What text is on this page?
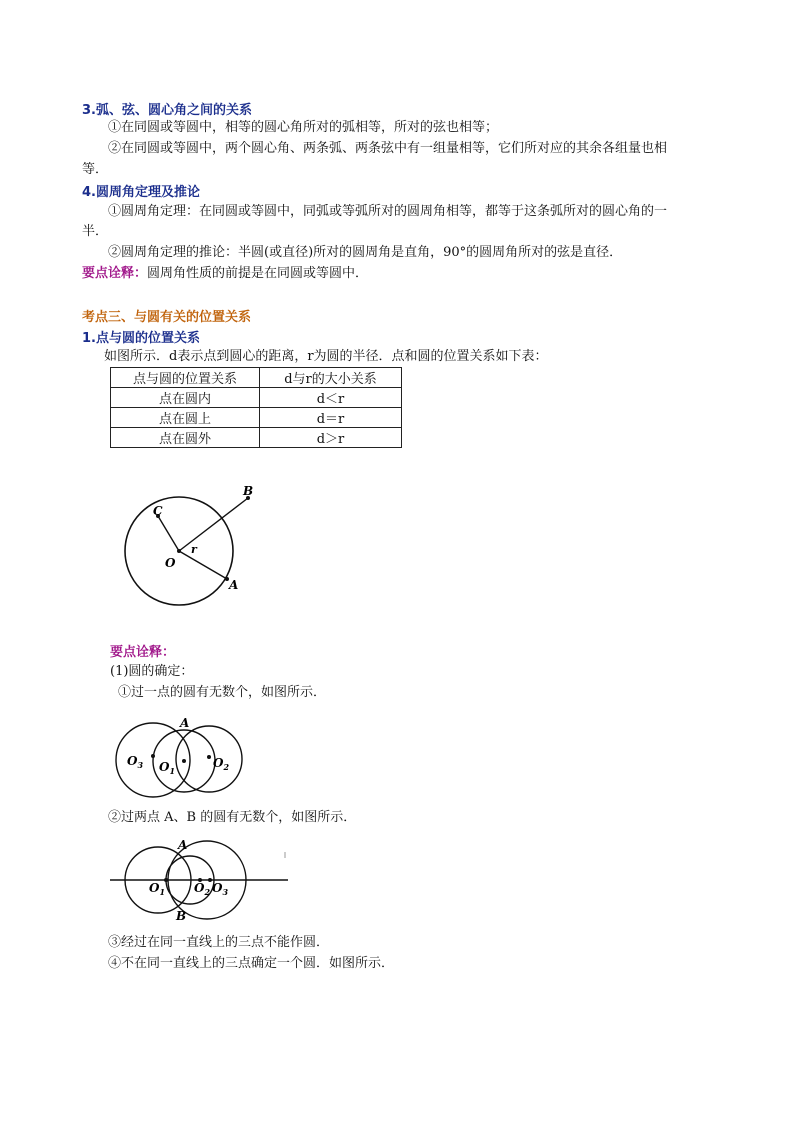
3.弧、弦、圆心角之间的关系
①在同圆或等圆中，相等的圆心角所对的弧相等，所对的弦也相等；
②在同圆或等圆中，两个圆心角、两条弧、两条弦中有一组量相等，它们所对应的其余各组量也相
等．
4.圆周角定理及推论
①圆周角定理：在同圆或等圆中，同弧或等弧所对的圆周角相等，都等于这条弧所对的圆心角的一
半．
②圆周角定理的推论：半圆(或直径)所对的圆周角是直角，90°的圆周角所对的弦是直径．
要点诠释：圆周角性质的前提是在同圆或等圆中．
考点三、与圆有关的位置关系
1.点与圆的位置关系
如图所示．d表示点到圆心的距离，r为圆的半径．点和圆的位置关系如下表：
点与圆的位置关系	d与r的大小关系
点在圆内	d＜r
点在圆上	d＝r
点在圆外	d＞r
B
C
O
r
A
要点诠释：
(1)圆的确定：
①过一点的圆有无数个，如图所示．
A
$O_3$ $O_1$
$O_2$
②过两点 A、B 的圆有无数个，如图所示．
A
B
$O_1$ $O_2$ $O_3$
③经过在同一直线上的三点不能作圆．
④不在同一直线上的三点确定一个圆．如图所示．
